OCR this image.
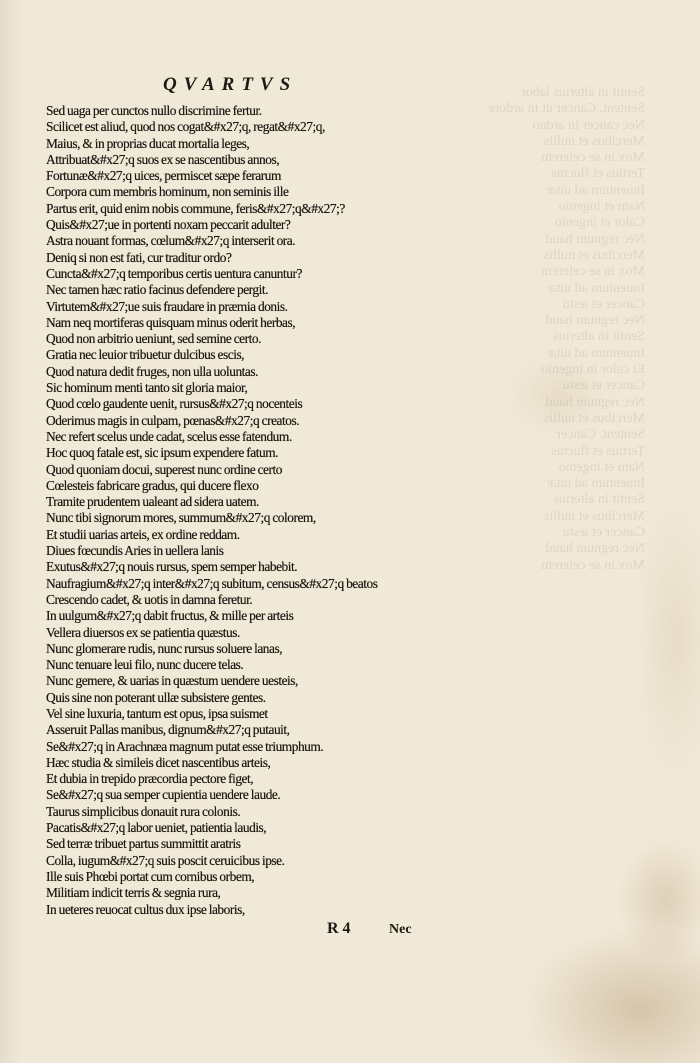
Sentit in alterius labor
Sentent. Cancer ut in ardore
Nec cancer in arduo
Mercibus et nullis
Mox in se celerem
Tertius et fluctus
Inuentum ad uitæ
Nam et ingenio
Calor et ingenio
Nec regnum haud
Mercibus et nullis
Mox in se celerem
Inuentum ad uitæ
Cancer et æstu
Nec regnum haud
Sentit in alterius
Inuentum ad uitæ
Et calor in ingenio
Cancer et æstu
Nec regnum haud
Mercibus et nullis
Sentent. Cancer
Tertius et fluctus
Nam et ingenio
Inuentum ad uitæ
Sentit in alterius
Mercibus et nullis
Cancer et æstu
Nec regnum haud
Mox in se celerem
QVARTVS
Sed uaga per cunctos nullo discrimine fertur.
Scilicet est aliud, quod nos cogat&#x27;q, regat&#x27;q,
Maius, & in proprias ducat mortalia leges,
Attribuat&#x27;q suos ex se nascentibus annos,
Fortunæ&#x27;q uices, permiscet sæpe ferarum
Corpora cum membris hominum, non seminis ille
Partus erit, quid enim nobis commune, feris&#x27;q&#x27;?
Quis&#x27;ue in portenti noxam peccarit adulter?
Astra nouant formas, cœlum&#x27;q interserit ora.
Deniq si non est fati, cur traditur ordo?
Cuncta&#x27;q temporibus certis uentura canuntur?
Nec tamen hæc ratio facinus defendere pergit.
Virtutem&#x27;ue suis fraudare in præmia donis.
Nam neq mortiferas quisquam minus oderit herbas,
Quod non arbitrio ueniunt, sed semine certo.
Gratia nec leuior tribuetur dulcibus escis,
Quod natura dedit fruges, non ulla uoluntas.
Sic hominum menti tanto sit gloria maior,
Quod cœlo gaudente uenit, rursus&#x27;q nocenteis
Oderimus magis in culpam, pœnas&#x27;q creatos.
Nec refert scelus unde cadat, scelus esse fatendum.
Hoc quoq fatale est, sic ipsum expendere fatum.
Quod quoniam docui, superest nunc ordine certo
Cœlesteis fabricare gradus, qui ducere flexo
Tramite prudentem ualeant ad sidera uatem.
Nunc tibi signorum mores, summum&#x27;q colorem,
Et studii uarias arteis, ex ordine reddam.
Diues fœcundis Aries in uellera lanis
Exutus&#x27;q nouis rursus, spem semper habebit.
Naufragium&#x27;q inter&#x27;q subitum, census&#x27;q beatos
Crescendo cadet, & uotis in damna feretur.
In uulgum&#x27;q dabit fructus, & mille per arteis
Vellera diuersos ex se patientia quæstus.
Nunc glomerare rudis, nunc rursus soluere lanas,
Nunc tenuare leui filo, nunc ducere telas.
Nunc gemere, & uarias in quæstum uendere uesteis,
Quis sine non poterant ullæ subsistere gentes.
Vel sine luxuria, tantum est opus, ipsa suismet
Asseruit Pallas manibus, dignum&#x27;q putauit,
Se&#x27;q in Arachnæa magnum putat esse triumphum.
Hæc studia & simileis dicet nascentibus arteis,
Et dubia in trepido præcordia pectore figet,
Se&#x27;q sua semper cupientia uendere laude.
Taurus simplicibus donauit rura colonis.
Pacatis&#x27;q labor ueniet, patientia laudis,
Sed terræ tribuet partus summittit aratris
Colla, iugum&#x27;q suis poscit ceruicibus ipse.
Ille suis Phœbi portat cum cornibus orbem,
Militiam indicit terris & segnia rura,
In ueteres reuocat cultus dux ipse laboris,
R 4	Nec
